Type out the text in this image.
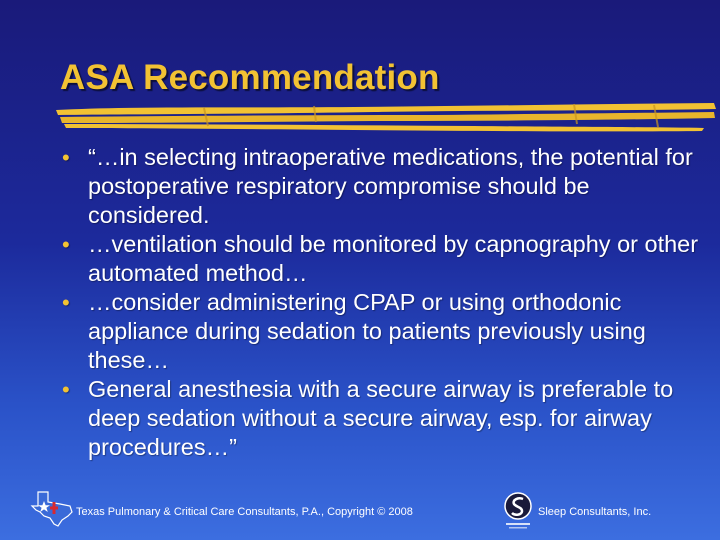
ASA Recommendation
• “…in selecting intraoperative medications, the potential for postoperative respiratory compromise should be considered.
• …ventilation should be monitored by capnography or other automated method…
• …consider administering CPAP or using orthodonic appliance during sedation to patients previously using these…
• General anesthesia with a secure airway is preferable to deep sedation without a secure airway, esp. for airway procedures…”
Texas Pulmonary & Critical Care Consultants, P.A., Copyright © 2008	Sleep Consultants, Inc.
